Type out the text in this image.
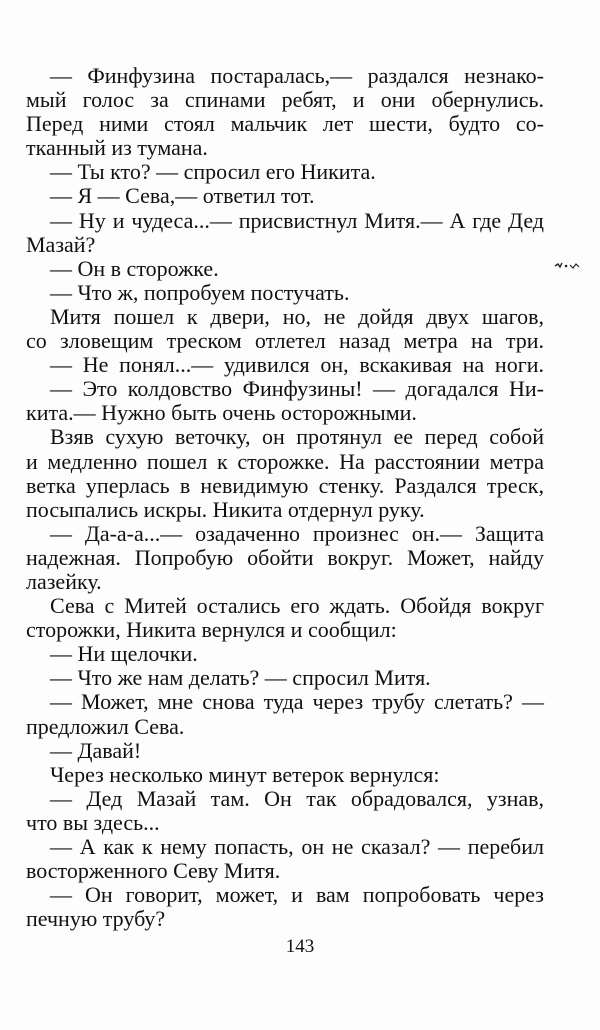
— Финфузина постаралась,— раздался незнако-
мый голос за спинами ребят, и они обернулись.
Перед ними стоял мальчик лет шести, будто со-
тканный из тумана.
— Ты кто? — спросил его Никита.
— Я — Сева,— ответил тот.
— Ну и чудеса...— присвистнул Митя.— А где Дед
Мазай?
— Он в сторожке.
— Что ж, попробуем постучать.
Митя пошел к двери, но, не дойдя двух шагов,
со зловещим треском отлетел назад метра на три.
— Не понял...— удивился он, вскакивая на ноги.
— Это колдовство Финфузины! — догадался Ни-
кита.— Нужно быть очень осторожными.
Взяв сухую веточку, он протянул ее перед собой
и медленно пошел к сторожке. На расстоянии метра
ветка уперлась в невидимую стенку. Раздался треск,
посыпались искры. Никита отдернул руку.
— Да-а-а...— озадаченно произнес он.— Защита
надежная. Попробую обойти вокруг. Может, найду
лазейку.
Сева с Митей остались его ждать. Обойдя вокруг
сторожки, Никита вернулся и сообщил:
— Ни щелочки.
— Что же нам делать? — спросил Митя.
— Может, мне снова туда через трубу слетать? —
предложил Сева.
— Давай!
Через несколько минут ветерок вернулся:
— Дед Мазай там. Он так обрадовался, узнав,
что вы здесь...
— А как к нему попасть, он не сказал? — перебил
восторженного Севу Митя.
— Он говорит, может, и вам попробовать через
печную трубу?
143
